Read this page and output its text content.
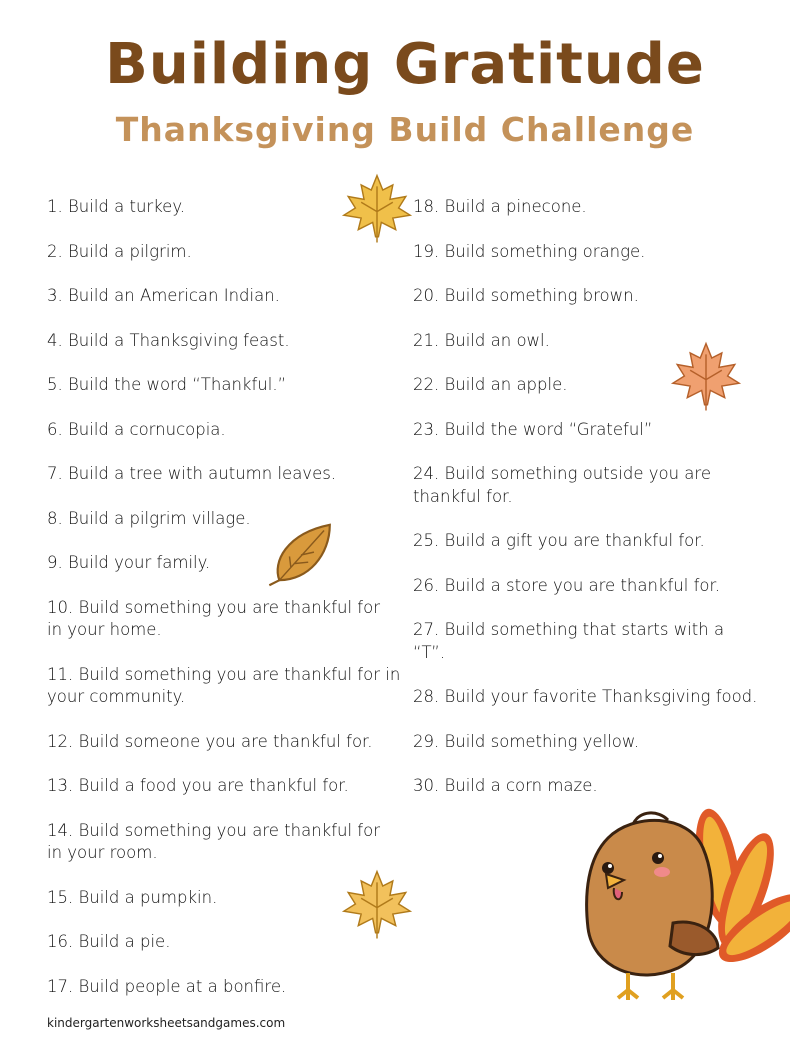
Building Gratitude
Thanksgiving Build Challenge

1. Build a turkey.

2. Build a pilgrim.

3. Build an American Indian.

4. Build a Thanksgiving feast.

5. Build the word “Thankful.”

6. Build a cornucopia.

7. Build a tree with autumn leaves.

8. Build a pilgrim village.

9. Build your family.

10. Build something you are thankful for in your home.

11. Build something you are thankful for in your community.

12. Build someone you are thankful for.

13. Build a food you are thankful for.

14. Build something you are thankful for in your room.

15. Build a pumpkin.

16. Build a pie.

17. Build people at a bonfire.

18. Build a pinecone.

19. Build something orange.

20. Build something brown.

21. Build an owl.

22. Build an apple.

23. Build the word “Grateful”

24. Build something outside you are thankful for.

25. Build a gift you are thankful for.

26. Build a store you are thankful for.

27. Build something that starts with a “T”.

28. Build your favorite Thanksgiving food.

29. Build something yellow.

30. Build a corn maze.

kindergartenworksheetsandgames.com
